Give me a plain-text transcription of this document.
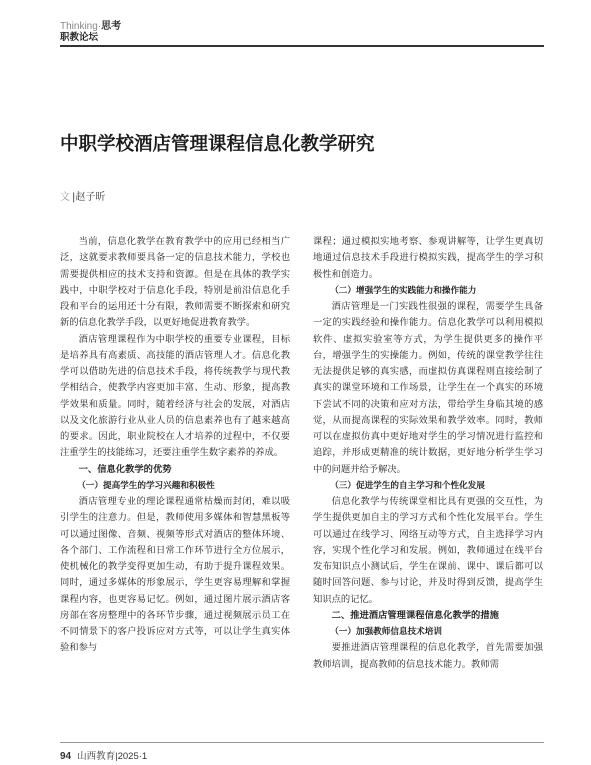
Thinking·思考
职教论坛
中职学校酒店管理课程信息化教学研究
文 |赵子昕
当前，信息化教学在教育教学中的应用已经相当广泛，这就要求教师要具备一定的信息技术能力，学校也需要提供相应的技术支持和资源。但是在具体的教学实践中，中职学校对于信息化手段，特别是前沿信息化手段和平台的运用还十分有限，教师需要不断探索和研究新的信息化教学手段，以更好地促进教育教学。
酒店管理课程作为中职学校的重要专业课程，目标是培养具有高素质、高技能的酒店管理人才。信息化教学可以借助先进的信息技术手段，将传统教学与现代教学相结合，使教学内容更加丰富、生动、形象，提高教学效果和质量。同时，随着经济与社会的发展，对酒店以及文化旅游行业从业人员的信息素养也有了越来越高的要求。因此，职业院校在人才培养的过程中，不仅要注重学生的技能练习，还要注重学生数字素养的养成。
一、信息化教学的优势
（一）提高学生的学习兴趣和积极性
酒店管理专业的理论课程通常枯燥而封闭，难以吸引学生的注意力。但是，教师使用多媒体和智慧黑板等可以通过图像、音频、视频等形式对酒店的整体环境、各个部门、工作流程和日常工作环节进行全方位展示，使机械化的教学变得更加生动，有助于提升课程效果。同时，通过多媒体的形象展示，学生更容易理解和掌握课程内容，也更容易记忆。例如，通过图片展示酒店客房部在客房整理中的各环节步骤，通过视频展示员工在不同情景下的客户投诉应对方式等，可以让学生真实体验和参与
课程；通过模拟实地考察、参观讲解等，让学生更真切地通过信息技术手段进行模拟实践，提高学生的学习积极性和创造力。
（二）增强学生的实践能力和操作能力
酒店管理是一门实践性很强的课程，需要学生具备一定的实践经验和操作能力。信息化教学可以利用模拟软件、虚拟实验室等方式，为学生提供更多的操作平台，增强学生的实操能力。例如，传统的课堂教学往往无法提供足够的真实感，而虚拟仿真课程则直接绘制了真实的课堂环境和工作场景，让学生在一个真实的环境下尝试不同的决策和应对方法，带给学生身临其境的感觉，从而提高课程的实际效果和教学效率。同时，教师可以在虚拟仿真中更好地对学生的学习情况进行监控和追踪，并形成更精准的统计数据，更好地分析学生学习中的问题并给予解决。
（三）促进学生的自主学习和个性化发展
信息化教学与传统课堂相比具有更强的交互性，为学生提供更加自主的学习方式和个性化发展平台。学生可以通过在线学习、网络互动等方式，自主选择学习内容，实现个性化学习和发展。例如，教师通过在线平台发布知识点小测试后，学生在课前、课中、课后都可以随时回答问题、参与讨论，并及时得到反馈，提高学生知识点的记忆。
二、推进酒店管理课程信息化教学的措施
（一）加强教师信息技术培训
要推进酒店管理课程的信息化教学，首先需要加强教师培训，提高教师的信息技术能力。教师需
94 山西教育|2025·1
